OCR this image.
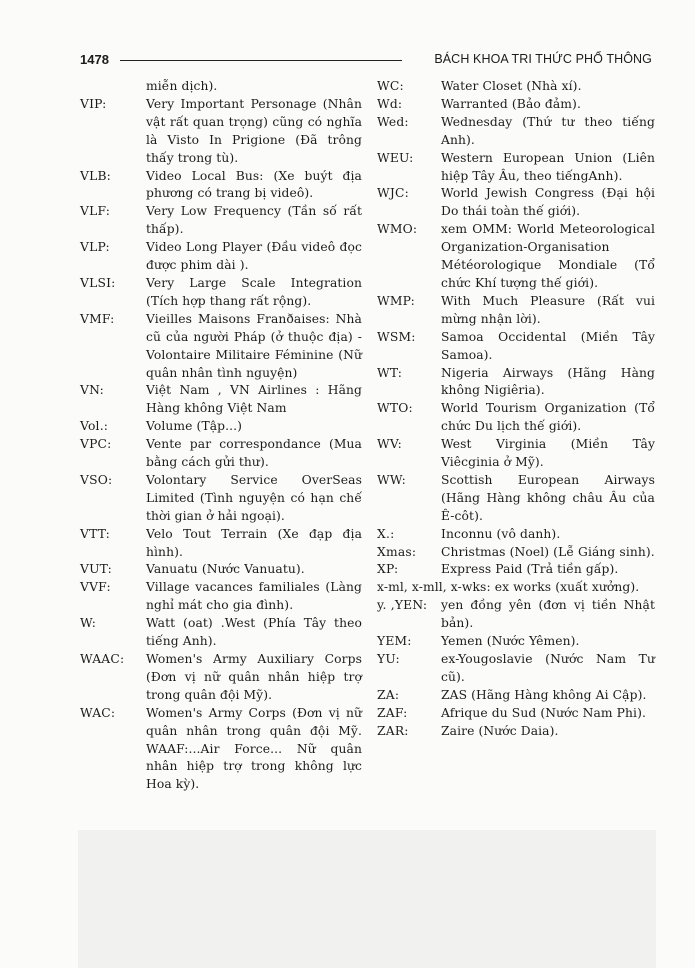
1478	BÁCH KHOA TRI THỨC PHỔ THÔNG
miễn dịch).
VIP:	Very Important Personage (Nhân vật rất quan trọng) cũng có nghĩa là Visto In Prigione (Đã trông thấy trong tù).
VLB:	Video Local Bus: (Xe buýt địa phương có trang bị videô).
VLF:	Very Low Frequency (Tần số rất thấp).
VLP:	Video Long Player (Đầu videô đọc được phim dài ).
VLSI:	Very Large Scale Integration (Tích hợp thang rất rộng).
VMF:	Vieilles Maisons Franðaises: Nhà cũ của người Pháp (ở thuộc địa) - Volontaire Militaire Féminine (Nữ quân nhân tình nguyện)
VN:	Việt Nam , VN Airlines : Hãng Hàng không Việt Nam
Vol.:	Volume (Tập...)
VPC:	Vente par correspondance (Mua bằng cách gửi thư).
VSO:	Volontary Service OverSeas Limited (Tình nguyện có hạn chế thời gian ở hải ngoại).
VTT:	Velo Tout Terrain (Xe đạp địa hình).
VUT:	Vanuatu (Nước Vanuatu).
VVF:	Village vacances familiales (Làng nghỉ mát cho gia đình).
W:	Watt (oat) .West (Phía Tây theo tiếng Anh).
WAAC:	Women's Army Auxiliary Corps (Đơn vị nữ quân nhân hiệp trợ trong quân đội Mỹ).
WAC:	Women's Army Corps (Đơn vị nữ quân nhân trong quân đội Mỹ. WAAF:...Air Force... Nữ quân nhân hiệp trợ trong không lực Hoa kỳ).
WC:	Water Closet (Nhà xí).
Wd:	Warranted (Bảo đảm).
Wed:	Wednesday (Thứ tư theo tiếng Anh).
WEU:	Western European Union (Liên hiệp Tây Âu, theo tiếngAnh).
WJC:	World Jewish Congress (Đại hội Do thái toàn thế giới).
WMO:	xem OMM: World Meteorological Organization-Organisation Météorologique Mondiale (Tổ chức Khí tượng thế giới).
WMP:	With Much Pleasure (Rất vui mừng nhận lời).
WSM:	Samoa Occidental (Miền Tây Samoa).
WT:	Nigeria Airways (Hãng Hàng không Nigiêria).
WTO:	World Tourism Organization (Tổ chức Du lịch thế giới).
WV:	West Virginia (Miền Tây Viêcginia ở Mỹ).
WW:	Scottish European Airways (Hãng Hàng không châu Âu của Ê-côt).
X.:	Inconnu (vô danh).
Xmas:	Christmas (Noel) (Lễ Giáng sinh).
XP:	Express Paid (Trả tiền gấp).
x-ml, x-mll, x-wks: ex works (xuất xưởng).
y. ,YEN:	yen đồng yên (đơn vị tiền Nhật bản).
YEM:	Yemen (Nước Yêmen).
YU:	ex-Yougoslavie (Nước Nam Tư cũ).
ZA:	ZAS (Hãng Hàng không Ai Cập).
ZAF:	Afrique du Sud (Nước Nam Phi).
ZAR:	Zaire (Nước Daia).
